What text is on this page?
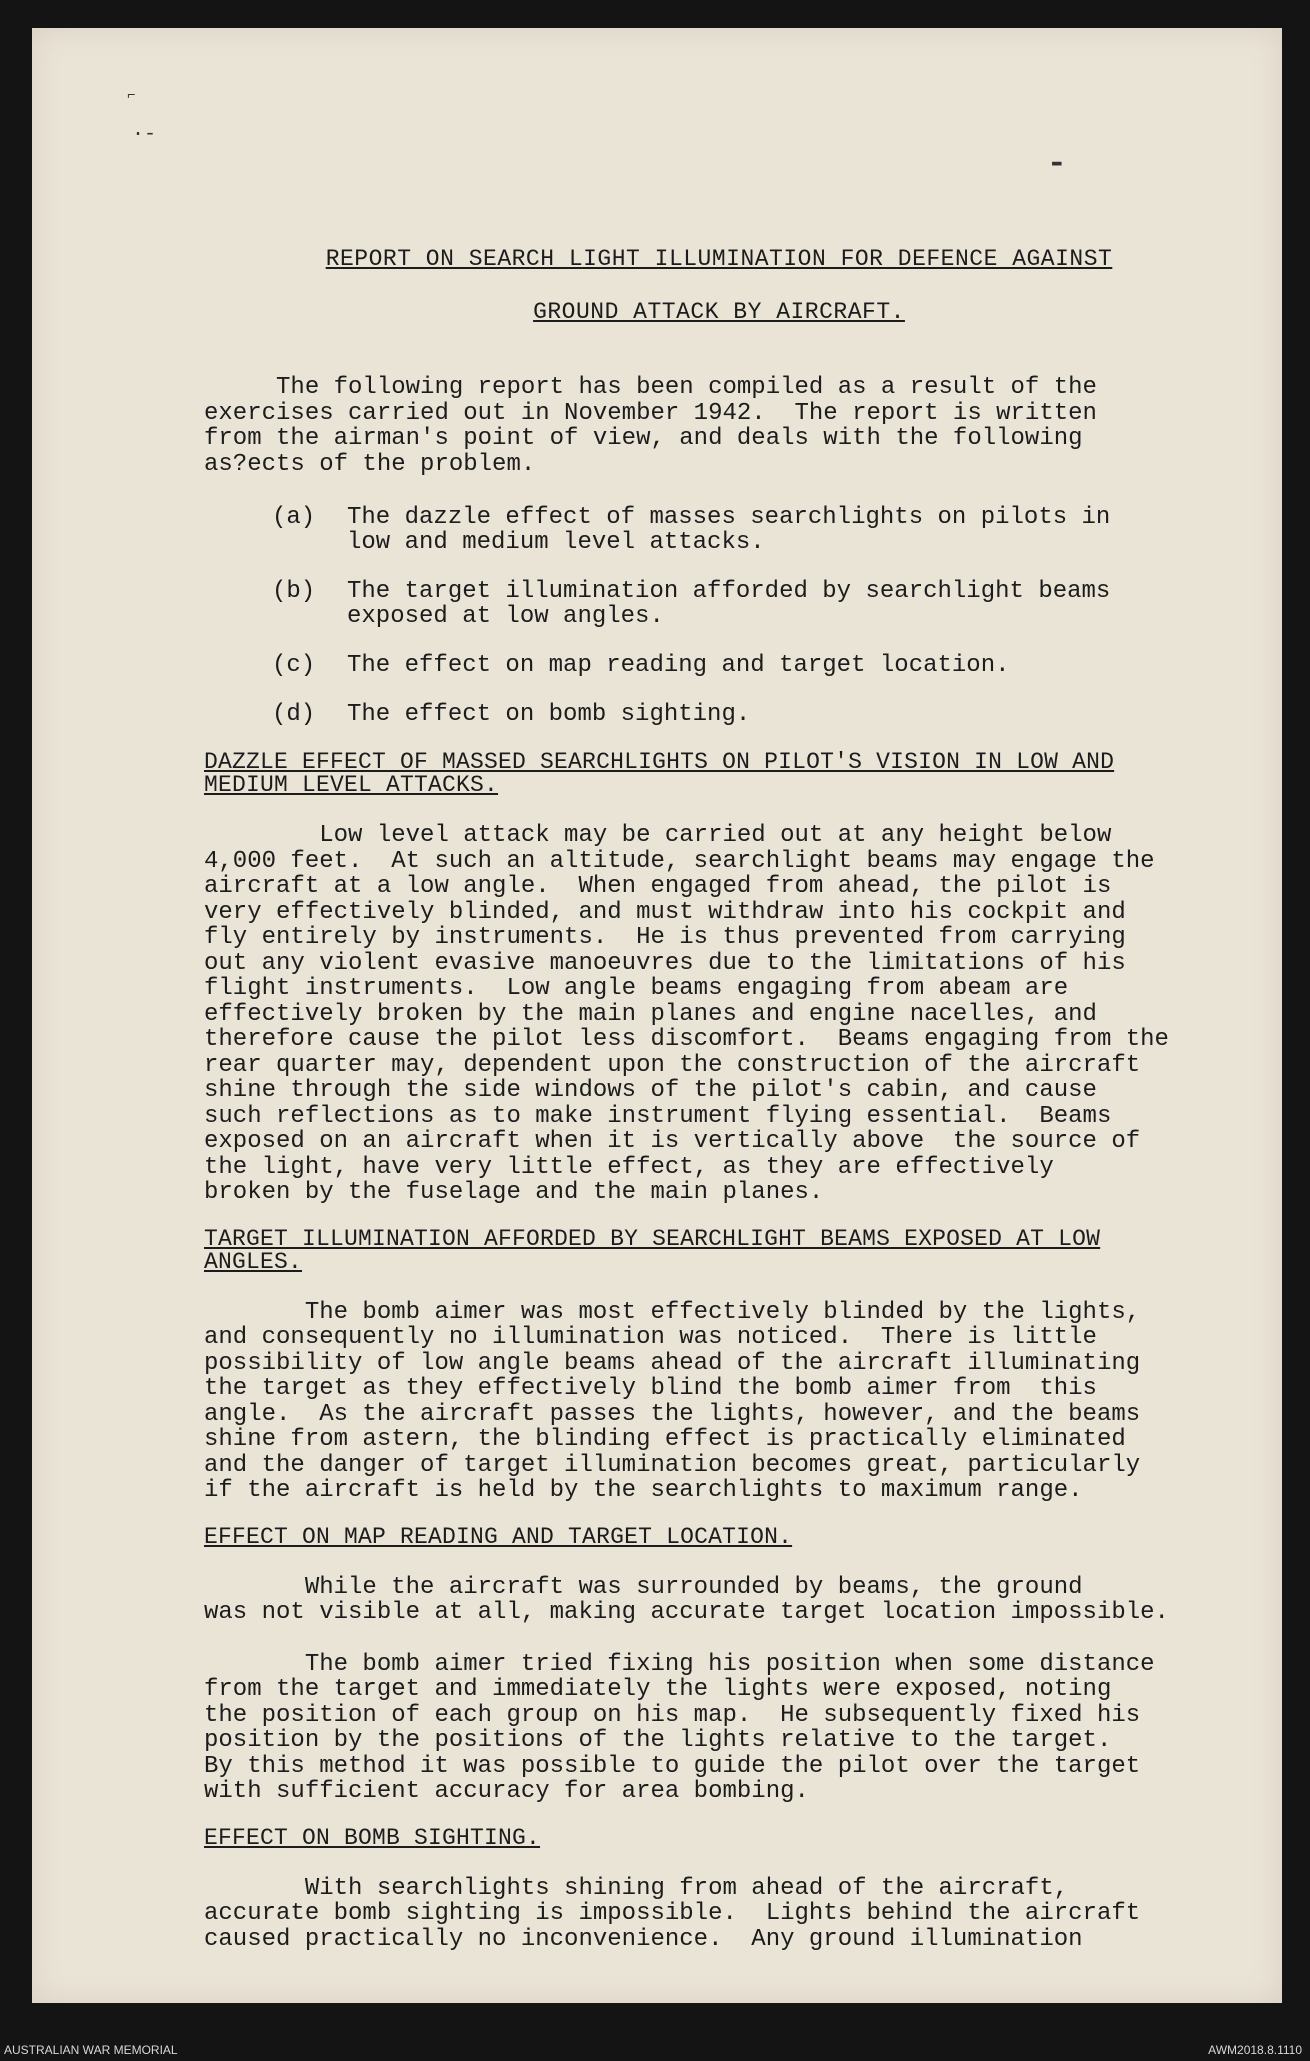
⌐
·-
▬
REPORT ON SEARCH LIGHT ILLUMINATION FOR DEFENCE AGAINST
GROUND ATTACK BY AIRCRAFT.

The following report has been compiled as a result of the
exercises carried out in November 1942.  The report is written
from the airman's point of view, and deals with the following
as?ects of the problem.

(a)	The dazzle effect of masses searchlights on pilots in
low and medium level attacks.
(b)	The target illumination afforded by searchlight beams
exposed at low angles.
(c)	The effect on map reading and target location.
(d)	The effect on bomb sighting.
DAZZLE EFFECT OF MASSED SEARCHLIGHTS ON PILOT'S VISION IN LOW AND
MEDIUM LEVEL ATTACKS.

Low level attack may be carried out at any height below
4,000 feet.  At such an altitude, searchlight beams may engage the
aircraft at a low angle.  When engaged from ahead, the pilot is
very effectively blinded, and must withdraw into his cockpit and
fly entirely by instruments.  He is thus prevented from carrying
out any violent evasive manoeuvres due to the limitations of his
flight instruments.  Low angle beams engaging from abeam are
effectively broken by the main planes and engine nacelles, and
therefore cause the pilot less discomfort.  Beams engaging from the
rear quarter may, dependent upon the construction of the aircraft
shine through the side windows of the pilot's cabin, and cause
such reflections as to make instrument flying essential.  Beams
exposed on an aircraft when it is vertically above  the source of
the light, have very little effect, as they are effectively
broken by the fuselage and the main planes.

TARGET ILLUMINATION AFFORDED BY SEARCHLIGHT BEAMS EXPOSED AT LOW
ANGLES.

The bomb aimer was most effectively blinded by the lights,
and consequently no illumination was noticed.  There is little
possibility of low angle beams ahead of the aircraft illuminating
the target as they effectively blind the bomb aimer from  this
angle.  As the aircraft passes the lights, however, and the beams
shine from astern, the blinding effect is practically eliminated
and the danger of target illumination becomes great, particularly
if the aircraft is held by the searchlights to maximum range.

EFFECT ON MAP READING AND TARGET LOCATION.

While the aircraft was surrounded by beams, the ground
was not visible at all, making accurate target location impossible.

The bomb aimer tried fixing his position when some distance
from the target and immediately the lights were exposed, noting
the position of each group on his map.  He subsequently fixed his
position by the positions of the lights relative to the target.
By this method it was possible to guide the pilot over the target
with sufficient accuracy for area bombing.

EFFECT ON BOMB SIGHTING.

With searchlights shining from ahead of the aircraft,
accurate bomb sighting is impossible.  Lights behind the aircraft
caused practically no inconvenience.  Any ground illumination

AUSTRALIAN WAR MEMORIAL	AWM2018.8.1110
